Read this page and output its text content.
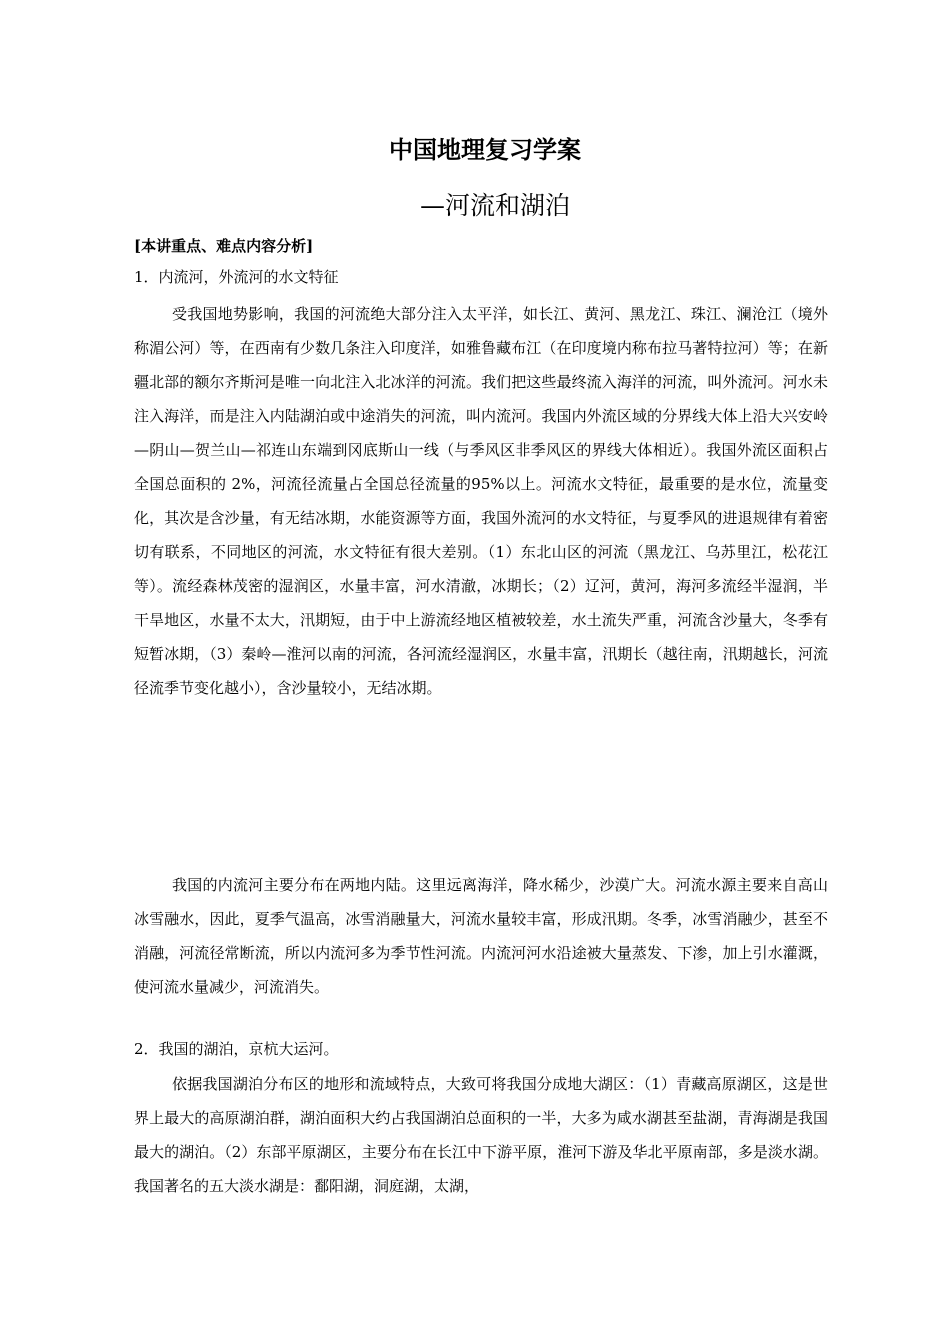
中国地理复习学案
—河流和湖泊
[本讲重点、难点内容分析]
1．内流河，外流河的水文特征

受我国地势影响，我国的河流绝大部分注入太平洋，如长江、黄河、黑龙江、珠江、澜沧江（境外称湄公河）等，在西南有少数几条注入印度洋，如雅鲁藏布江（在印度境内称布拉马著特拉河）等；在新疆北部的额尔齐斯河是唯一向北注入北冰洋的河流。我们把这些最终流入海洋的河流，叫外流河。河水未注入海洋，而是注入内陆湖泊或中途消失的河流，叫内流河。我国内外流区域的分界线大体上沿大兴安岭—阴山—贺兰山—祁连山东端到冈底斯山一线（与季风区非季风区的界线大体相近）。我国外流区面积占全国总面积的 2%，河流径流量占全国总径流量的95%以上。河流水文特征，最重要的是水位，流量变化，其次是含沙量，有无结冰期，水能资源等方面，我国外流河的水文特征，与夏季风的进退规律有着密切有联系，不同地区的河流，水文特征有很大差别。（1）东北山区的河流（黑龙江、乌苏里江，松花江等）。流经森林茂密的湿润区，水量丰富，河水清澈，冰期长；（2）辽河，黄河，海河多流经半湿润，半干旱地区，水量不太大，汛期短，由于中上游流经地区植被较差，水土流失严重，河流含沙量大，冬季有短暂冰期，（3）秦岭—淮河以南的河流，各河流经湿润区，水量丰富，汛期长（越往南，汛期越长，河流径流季节变化越小），含沙量较小，无结冰期。

我国的内流河主要分布在两地内陆。这里远离海洋，降水稀少，沙漠广大。河流水源主要来自高山冰雪融水，因此，夏季气温高，冰雪消融量大，河流水量较丰富，形成汛期。冬季，冰雪消融少，甚至不消融，河流径常断流，所以内流河多为季节性河流。内流河河水沿途被大量蒸发、下渗，加上引水灌溉，使河流水量减少，河流消失。

2．我国的湖泊，京杭大运河。

依据我国湖泊分布区的地形和流域特点，大致可将我国分成地大湖区：（1）青藏高原湖区，这是世界上最大的高原湖泊群，湖泊面积大约占我国湖泊总面积的一半，大多为咸水湖甚至盐湖，青海湖是我国最大的湖泊。（2）东部平原湖区，主要分布在长江中下游平原，淮河下游及华北平原南部，多是淡水湖。我国著名的五大淡水湖是：鄱阳湖，洞庭湖，太湖，
